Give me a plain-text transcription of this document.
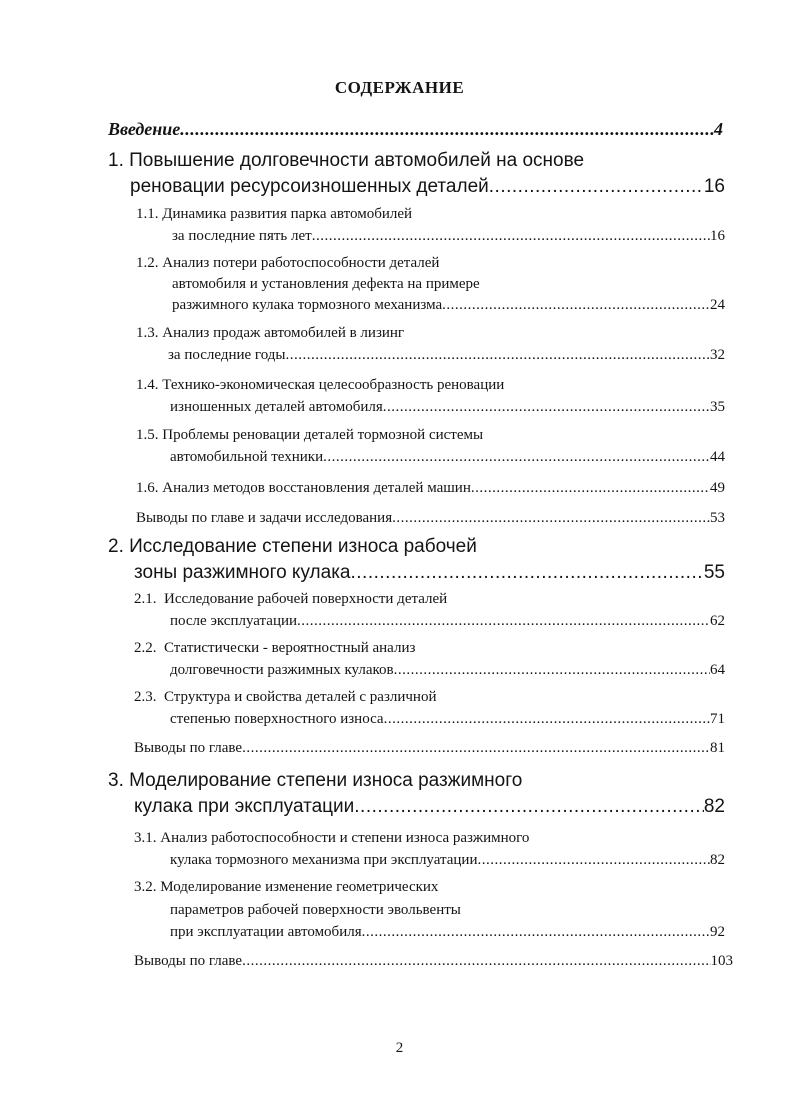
СОДЕРЖАНИЕ
Введение .....	4
1. Повышение долговечности автомобилей на основе
реновации ресурсоизношенных деталей .....	16
1.1. Динамика развития парка автомобилей
за последние пять лет .....	16
1.2. Анализ потери работоспособности деталей
автомобиля и установления дефекта на примере
разжимного кулака тормозного механизма .....	24
1.3. Анализ продаж автомобилей в лизинг
за последние годы .....	32
1.4. Технико-экономическая целесообразность реновации
изношенных деталей автомобиля .....	35
1.5. Проблемы реновации деталей тормозной системы
автомобильной техники .....	44
1.6. Анализ методов восстановления деталей машин .....	49
Выводы по главе и задачи исследования .....	53
2. Исследование степени износа рабочей
зоны разжимного кулака .....	55
2.1. Исследование рабочей поверхности деталей
после эксплуатации .....	62
2.2. Статистически - вероятностный анализ
долговечности разжимных кулаков .....	64
2.3. Структура и свойства деталей с различной
степенью поверхностного износа .....	71
Выводы по главе .....	81
3. Моделирование степени износа разжимного
кулака при эксплуатации .....	82
3.1. Анализ работоспособности и степени износа разжимного
кулака тормозного механизма при эксплуатации .....	82
3.2. Моделирование изменение геометрических
параметров рабочей поверхности эвольвенты
при эксплуатации автомобиля .....	92
Выводы по главе .....	103
2
